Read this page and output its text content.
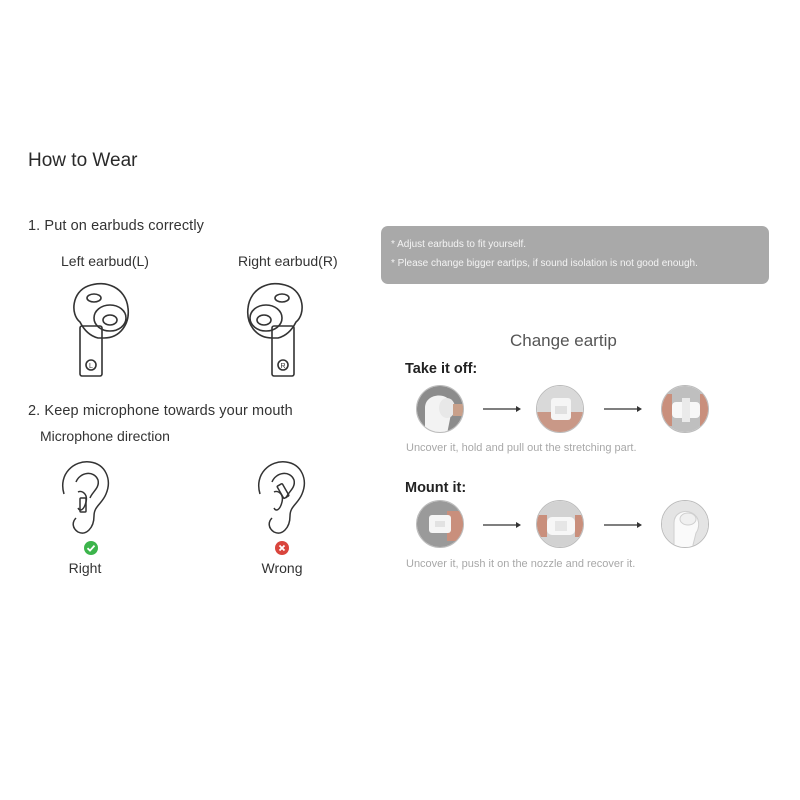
How to Wear
1. Put on earbuds correctly
Left earbud(L)	Right earbud(R)
L	R
2. Keep microphone towards your mouth
Microphone direction
Right	Wrong
* Adjust earbuds to fit yourself.
* Please change bigger eartips, if sound isolation is not good enough.
Change eartip
Take it off:
Uncover it, hold and pull out the stretching part.
Mount it:
Uncover it, push it on the nozzle and recover it.
